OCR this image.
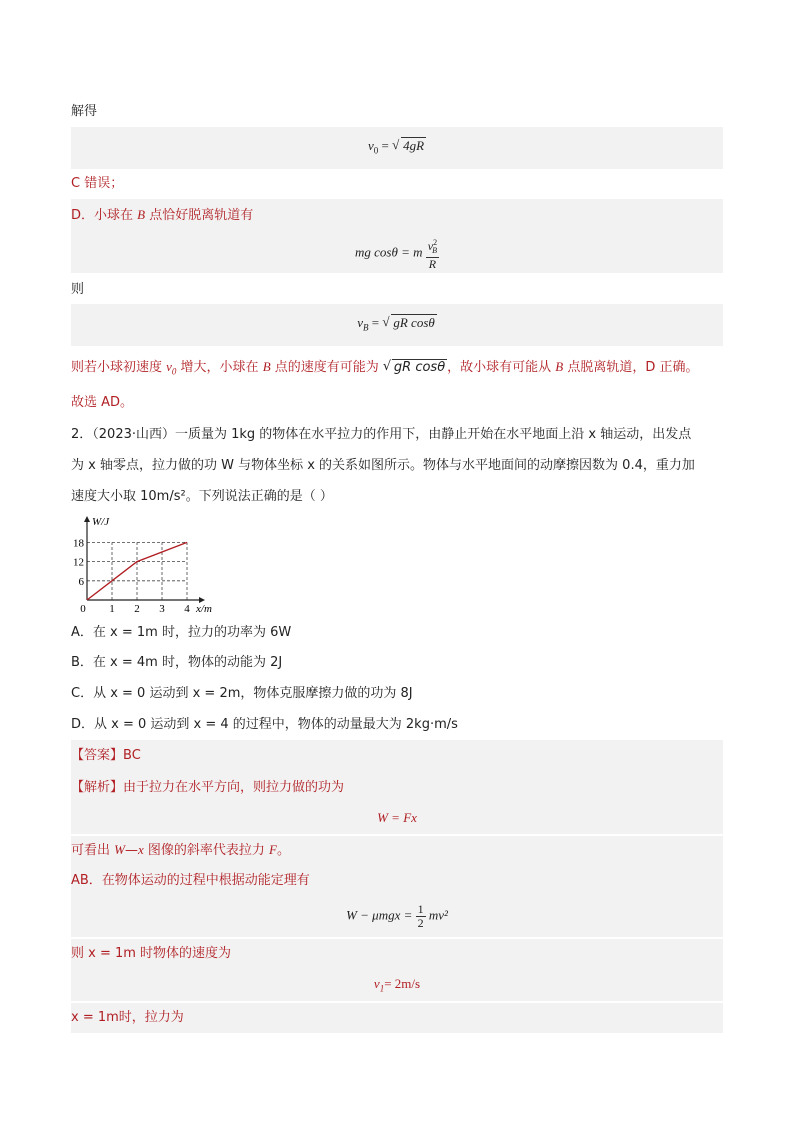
解得
$v_0$ = √ 4gR
C 错误；
D．小球在 B 点恰好脱离轨道有
mg cosθ = m $\frac{v^2_B}{R}$
则
$v_B$ = √ gR cosθ
则若小球初速度 $v_0$ 增大，小球在 B 点的速度有可能为 √ gR cosθ ，故小球有可能从 B 点脱离轨道，D 正确。
故选 AD。
2．（2023·山西）一质量为 1kg 的物体在水平拉力的作用下，由静止开始在水平地面上沿 x 轴运动，出发点
为 x 轴零点，拉力做的功 W 与物体坐标 x 的关系如图所示。物体与水平地面间的动摩擦因数为 0.4，重力加
速度大小取 10m/s²。下列说法正确的是（ ）
0 1 2 3 4
6
12
18
x/m
W/J
A．在 x = 1m 时，拉力的功率为 6W
B．在 x = 4m 时，物体的动能为 2J
C．从 x = 0 运动到 x = 2m，物体克服摩擦力做的功为 8J
D．从 x = 0 运动到 x = 4 的过程中，物体的动量最大为 2kg·m/s
【答案】BC
【解析】由于拉力在水平方向，则拉力做的功为
W = Fx
可看出 W—x 图像的斜率代表拉力 F。
AB．在物体运动的过程中根据动能定理有
$W - \mu mgx = \frac{1}{2} mv^2$
则 x = 1m 时物体的速度为
$v_1= 2m/s$
x = 1m时，拉力为
